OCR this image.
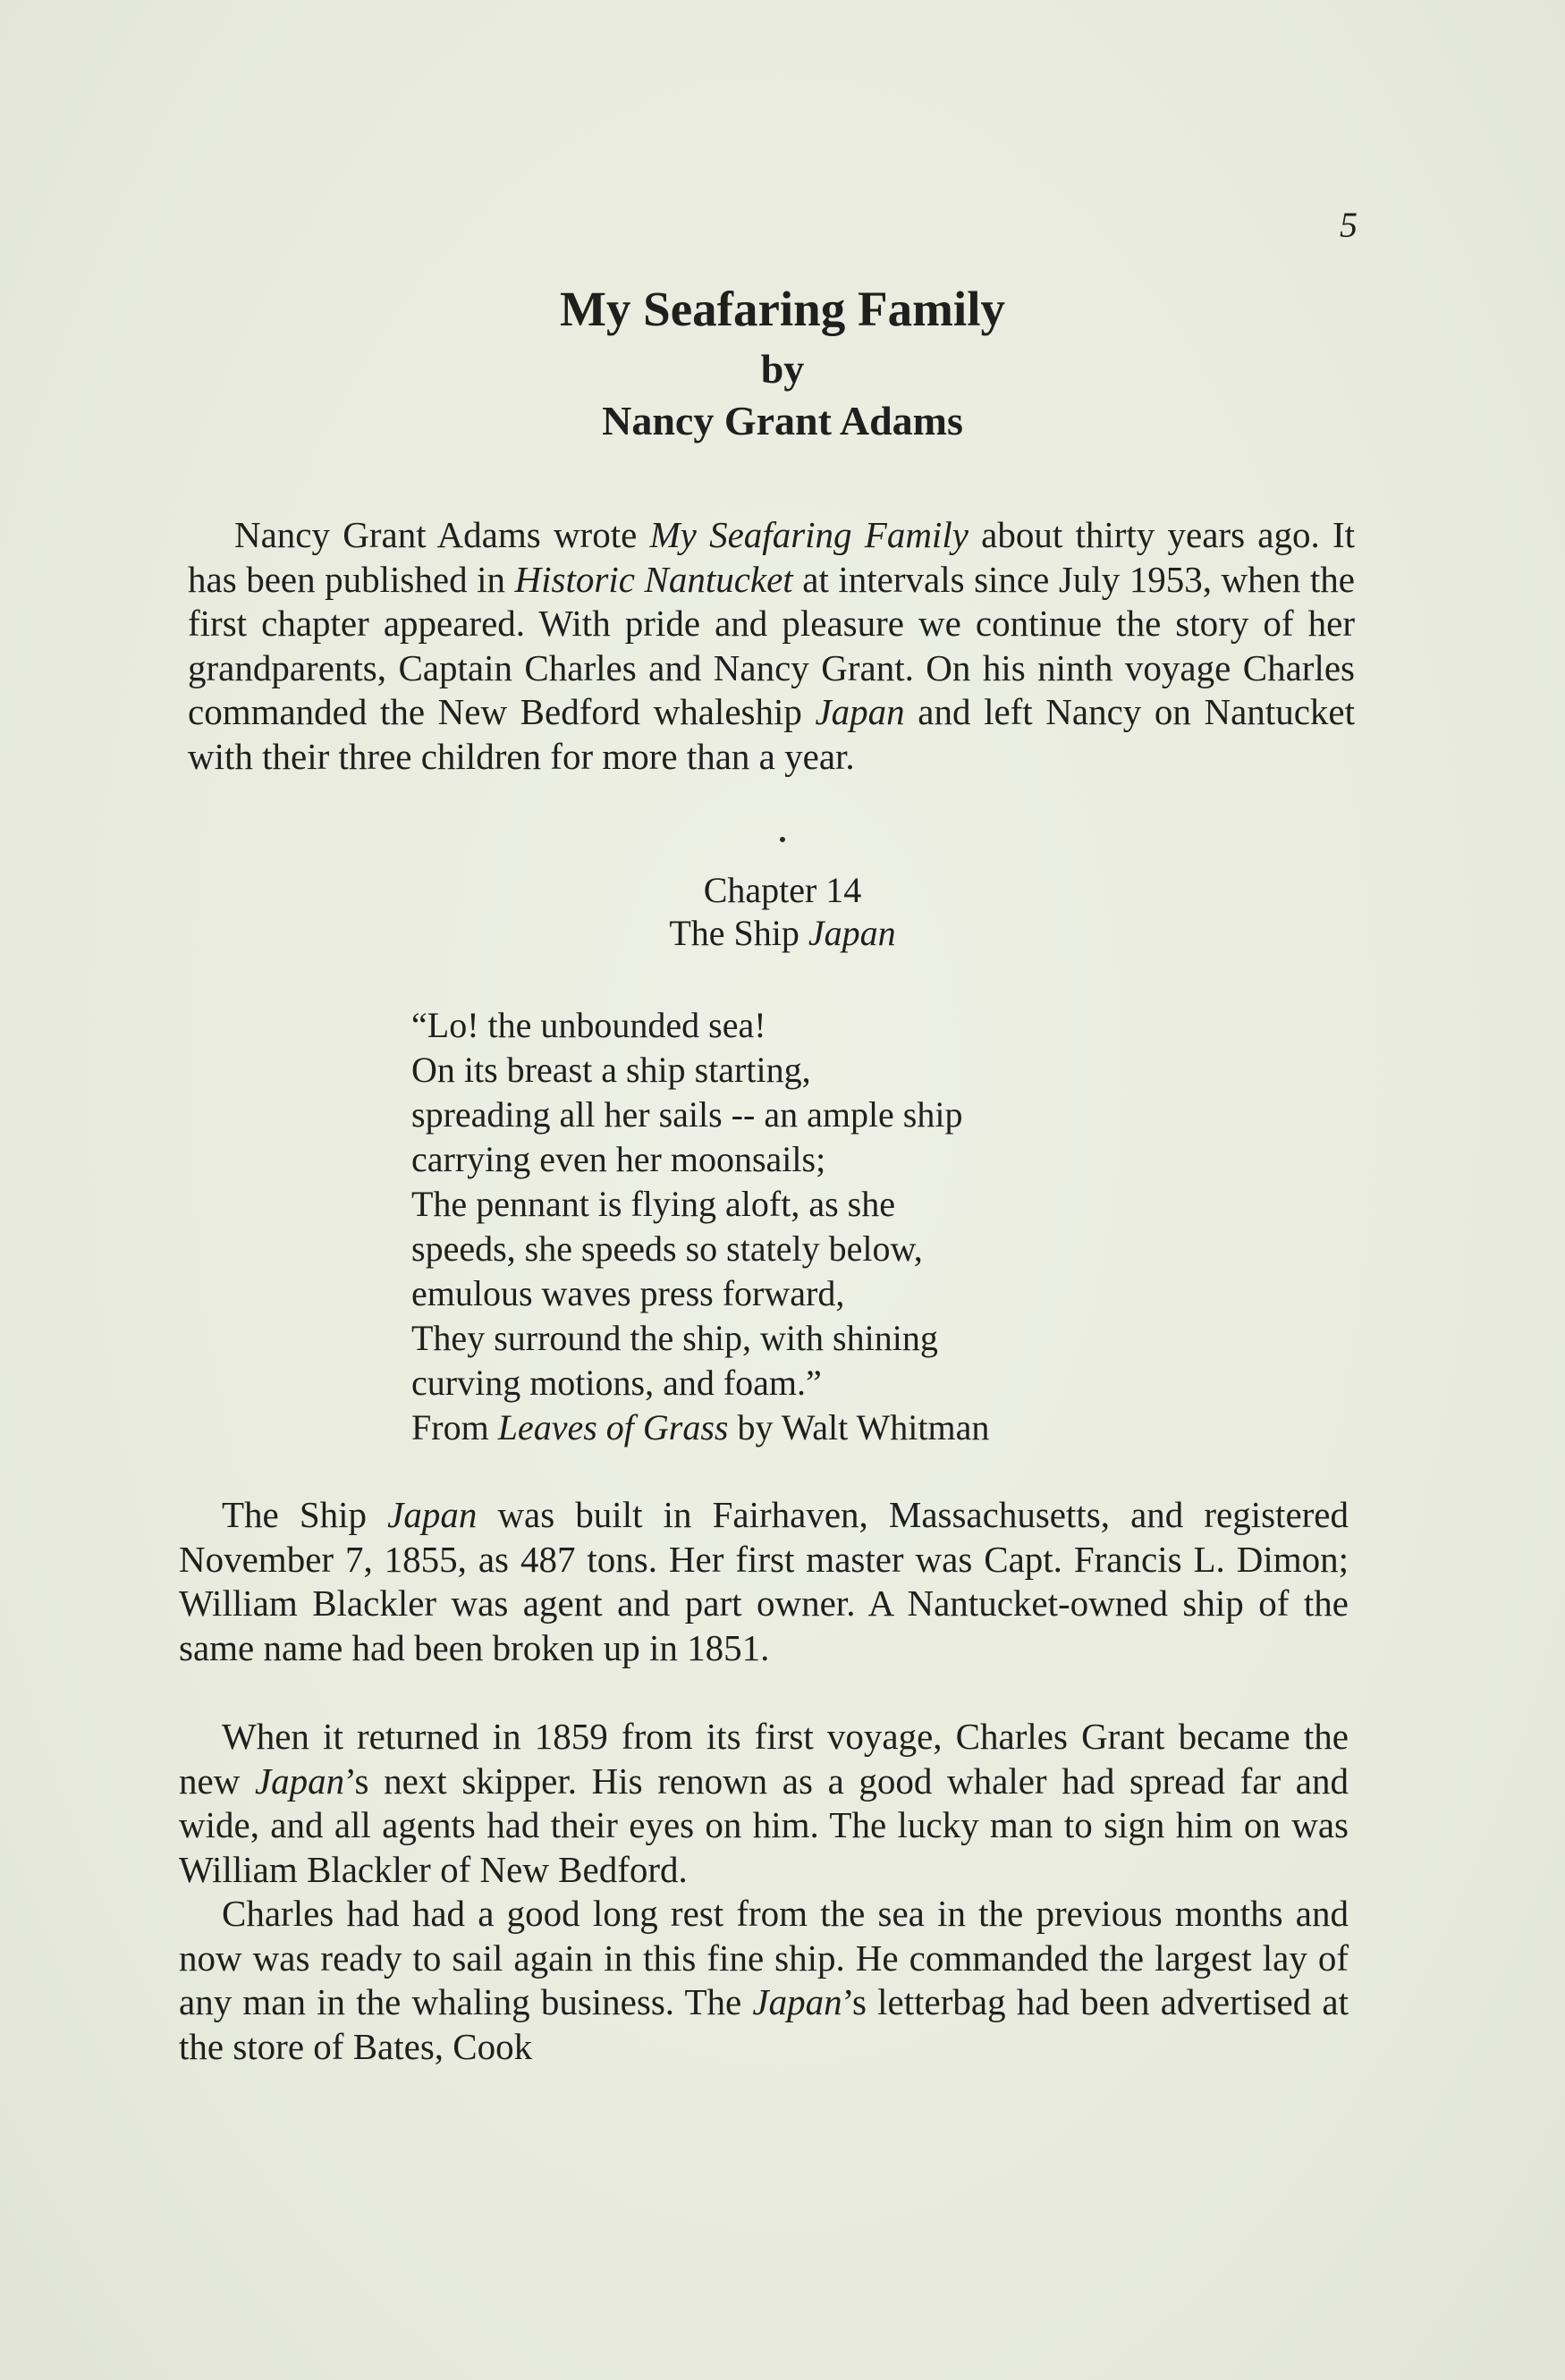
5
My Seafaring Family
by
Nancy Grant Adams

Nancy Grant Adams wrote My Seafaring Family about thirty years ago. It has been published in Historic Nantucket at intervals since July 1953, when the first chapter appeared. With pride and pleasure we continue the story of her grandparents, Captain Charles and Nancy Grant. On his ninth voyage Charles commanded the New Bedford whaleship Japan and left Nancy on Nantucket with their three children for more than a year.

Chapter 14
The Ship Japan
“Lo! the unbounded sea!
On its breast a ship starting,
spreading all her sails -- an ample ship
carrying even her moonsails;
The pennant is flying aloft, as she
speeds, she speeds so stately below,
emulous waves press forward,
They surround the ship, with shining
curving motions, and foam.”
From Leaves of Grass by Walt Whitman

The Ship Japan was built in Fairhaven, Massachusetts, and registered November 7, 1855, as 487 tons. Her first master was Capt. Francis L. Dimon; William Blackler was agent and part owner. A Nantucket-owned ship of the same name had been broken up in 1851.

When it returned in 1859 from its first voyage, Charles Grant became the new Japan’s next skipper. His renown as a good whaler had spread far and wide, and all agents had their eyes on him. The lucky man to sign him on was William Blackler of New Bedford.

Charles had had a good long rest from the sea in the previous months and now was ready to sail again in this fine ship. He commanded the largest lay of any man in the whaling business. The Japan’s letterbag had been advertised at the store of Bates, Cook
